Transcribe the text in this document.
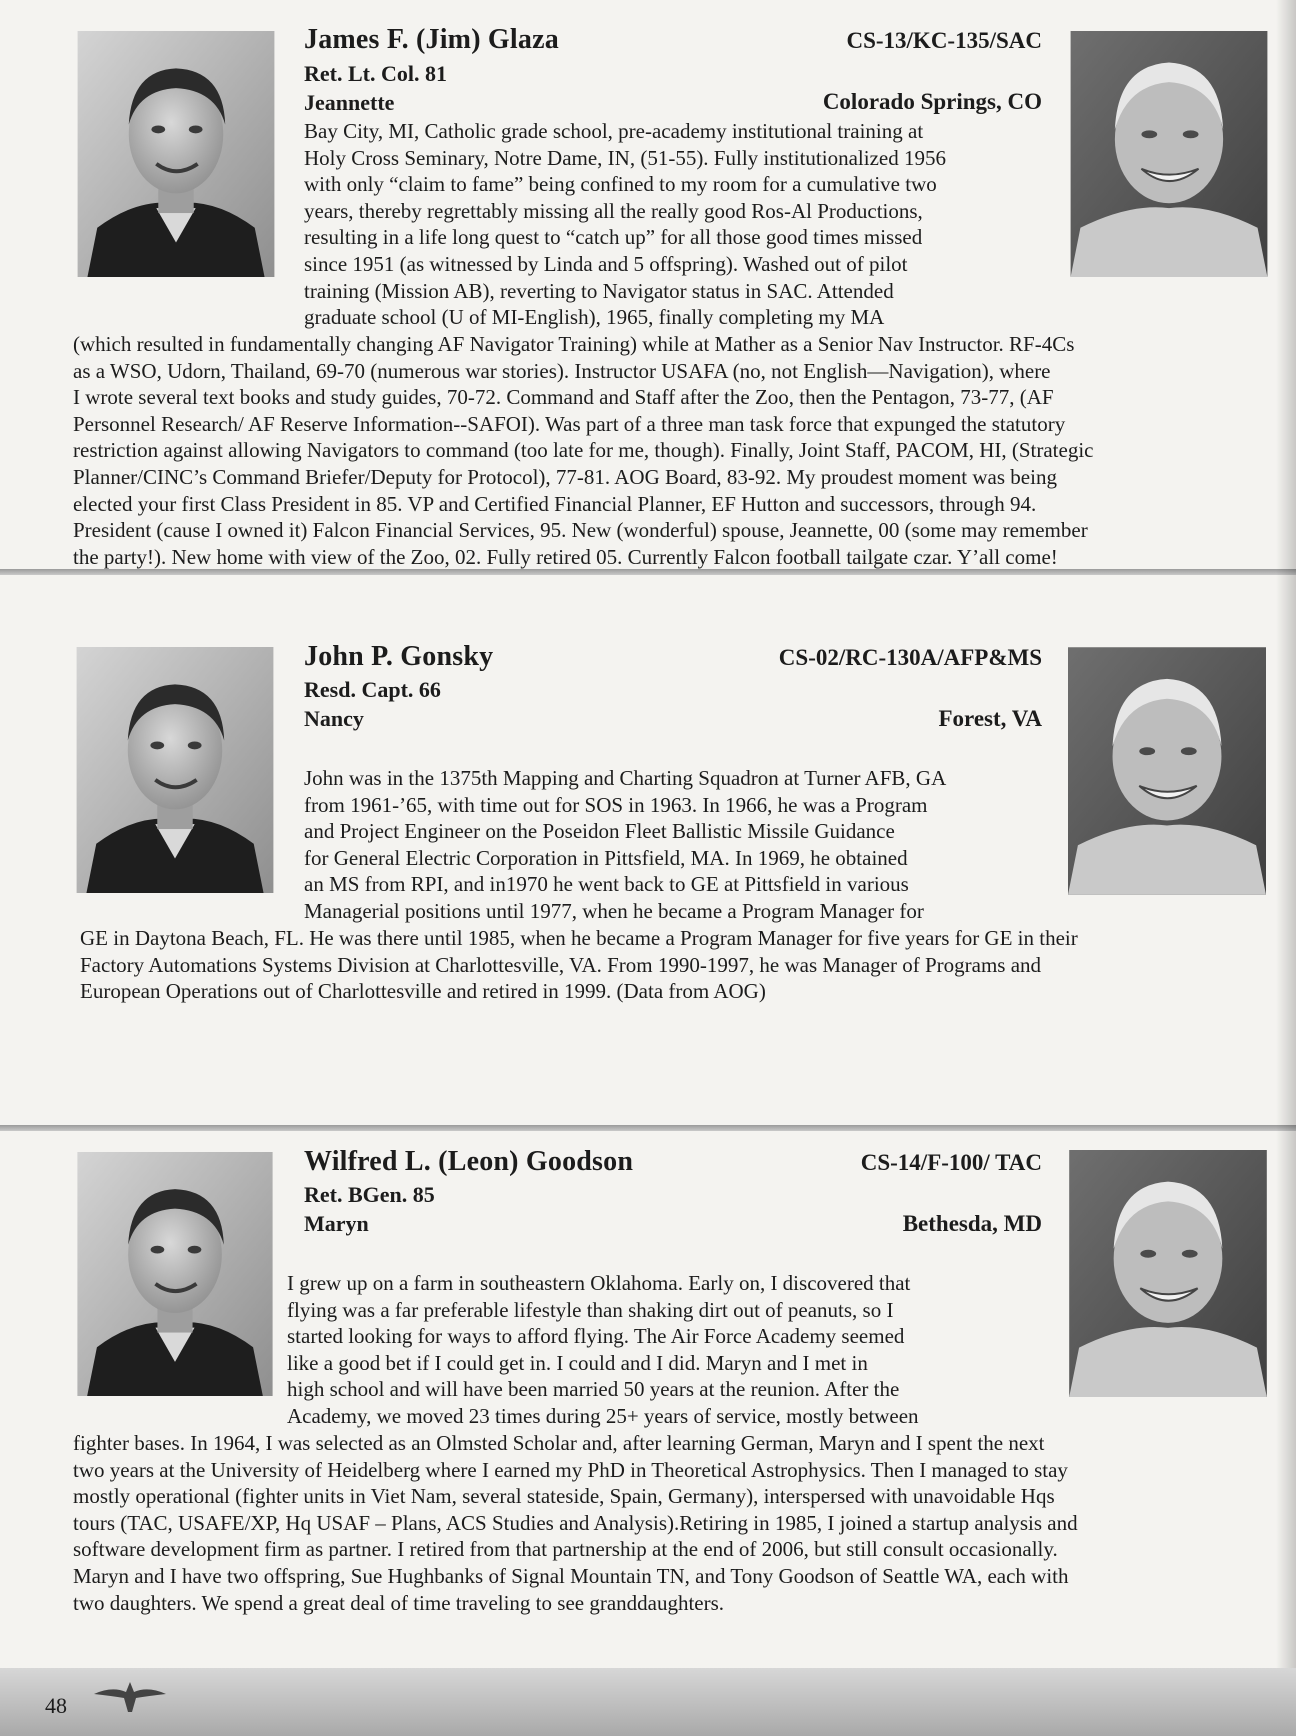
James F. (Jim) Glaza	CS-13/KC-135/SAC
Ret. Lt. Col. 81
Jeannette	Colorado Springs, CO
Bay City, MI, Catholic grade school, pre-academy institutional training at
Holy Cross Seminary, Notre Dame, IN, (51-55). Fully institutionalized 1956
with only “claim to fame” being confined to my room for a cumulative two
years, thereby regrettably missing all the really good Ros-Al Productions,
resulting in a life long quest to “catch up” for all those good times missed
since 1951 (as witnessed by Linda and 5 offspring). Washed out of pilot
training (Mission AB), reverting to Navigator status in SAC. Attended
graduate school (U of MI-English), 1965, finally completing my MA
(which resulted in fundamentally changing AF Navigator Training) while at Mather as a Senior Nav Instructor. RF-4Cs
as a WSO, Udorn, Thailand, 69-70 (numerous war stories). Instructor USAFA (no, not English—Navigation), where
I wrote several text books and study guides, 70-72. Command and Staff after the Zoo, then the Pentagon, 73-77, (AF
Personnel Research/ AF Reserve Information--SAFOI). Was part of a three man task force that expunged the statutory
restriction against allowing Navigators to command (too late for me, though). Finally, Joint Staff, PACOM, HI, (Strategic
Planner/CINC’s Command Briefer/Deputy for Protocol), 77-81. AOG Board, 83-92. My proudest moment was being
elected your first Class President in 85. VP and Certified Financial Planner, EF Hutton and successors, through 94.
President (cause I owned it) Falcon Financial Services, 95. New (wonderful) spouse, Jeannette, 00 (some may remember
the party!). New home with view of the Zoo, 02. Fully retired 05. Currently Falcon football tailgate czar. Y’all come!
John P. Gonsky	CS-02/RC-130A/AFP&MS
Resd. Capt. 66
Nancy	Forest, VA
John was in the 1375th Mapping and Charting Squadron at Turner AFB, GA
from 1961-’65, with time out for SOS in 1963. In 1966, he was a Program
and Project Engineer on the Poseidon Fleet Ballistic Missile Guidance
for General Electric Corporation in Pittsfield, MA. In 1969, he obtained
an MS from RPI, and in1970 he went back to GE at Pittsfield in various
Managerial positions until 1977, when he became a Program Manager for
GE in Daytona Beach, FL. He was there until 1985, when he became a Program Manager for five years for GE in their
Factory Automations Systems Division at Charlottesville, VA. From 1990-1997, he was Manager of Programs and
European Operations out of Charlottesville and retired in 1999. (Data from AOG)
Wilfred L. (Leon) Goodson	CS-14/F-100/ TAC
Ret. BGen. 85
Maryn	Bethesda, MD
I grew up on a farm in southeastern Oklahoma. Early on, I discovered that
flying was a far preferable lifestyle than shaking dirt out of peanuts, so I
started looking for ways to afford flying. The Air Force Academy seemed
like a good bet if I could get in. I could and I did. Maryn and I met in
high school and will have been married 50 years at the reunion. After the
Academy, we moved 23 times during 25+ years of service, mostly between
fighter bases. In 1964, I was selected as an Olmsted Scholar and, after learning German, Maryn and I spent the next
two years at the University of Heidelberg where I earned my PhD in Theoretical Astrophysics. Then I managed to stay
mostly operational (fighter units in Viet Nam, several stateside, Spain, Germany), interspersed with unavoidable Hqs
tours (TAC, USAFE/XP, Hq USAF – Plans, ACS Studies and Analysis).Retiring in 1985, I joined a startup analysis and
software development firm as partner. I retired from that partnership at the end of 2006, but still consult occasionally.
Maryn and I have two offspring, Sue Hughbanks of Signal Mountain TN, and Tony Goodson of Seattle WA, each with
two daughters. We spend a great deal of time traveling to see granddaughters.
48
